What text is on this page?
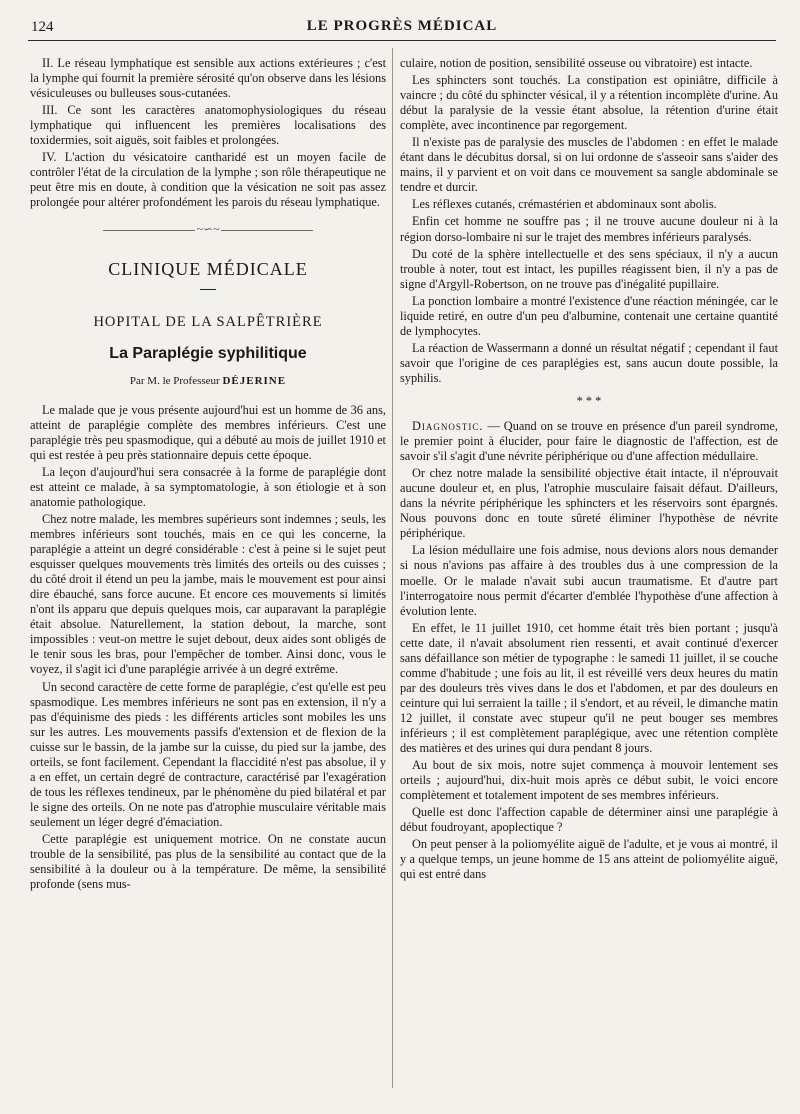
124	LE PROGRÈS MÉDICAL

II. Le réseau lymphatique est sensible aux actions extérieures ; c'est la lymphe qui fournit la première sérosité qu'on observe dans les lésions vésiculeuses ou bulleuses sous-cutanées.

III. Ce sont les caractères anatomophysiologiques du réseau lymphatique qui influencent les premières localisations des toxidermies, soit aiguës, soit faibles et prolongées.

IV. L'action du vésicatoire cantharidé est un moyen facile de contrôler l'état de la circulation de la lymphe ; son rôle thérapeutique ne peut être mis en doute, à condition que la vésication ne soit pas assez prolongée pour altérer profondément les parois du réseau lymphatique.

~∽~
CLINIQUE MÉDICALE
HOPITAL DE LA SALPÊTRIÈRE
La Paraplégie syphilitique
Par M. le Professeur DÉJERINE

Le malade que je vous présente aujourd'hui est un homme de 36 ans, atteint de paraplégie complète des membres inférieurs. C'est une paraplégie très peu spasmodique, qui a débuté au mois de juillet 1910 et qui est restée à peu près stationnaire depuis cette époque.

La leçon d'aujourd'hui sera consacrée à la forme de paraplégie dont est atteint ce malade, à sa symptomatologie, à son étiologie et à son anatomie pathologique.

Chez notre malade, les membres supérieurs sont indemnes ; seuls, les membres inférieurs sont touchés, mais en ce qui les concerne, la paraplégie a atteint un degré considérable : c'est à peine si le sujet peut esquisser quelques mouvements très limités des orteils ou des cuisses ; du côté droit il étend un peu la jambe, mais le mouvement est pour ainsi dire ébauché, sans force aucune. Et encore ces mouvements si limités n'ont ils apparu que depuis quelques mois, car auparavant la paraplégie était absolue. Naturellement, la station debout, la marche, sont impossibles : veut-on mettre le sujet debout, deux aides sont obligés de le tenir sous les bras, pour l'empêcher de tomber. Ainsi donc, vous le voyez, il s'agit ici d'une paraplégie arrivée à un degré extrême.

Un second caractère de cette forme de paraplégie, c'est qu'elle est peu spasmodique. Les membres inférieurs ne sont pas en extension, il n'y a pas d'équinisme des pieds : les différents articles sont mobiles les uns sur les autres. Les mouvements passifs d'extension et de flexion de la cuisse sur le bassin, de la jambe sur la cuisse, du pied sur la jambe, des orteils, se font facilement. Cependant la flaccidité n'est pas absolue, il y a en effet, un certain degré de contracture, caractérisé par l'exagération de tous les réflexes tendineux, par le phénomène du pied bilatéral et par le signe des orteils. On ne note pas d'atrophie musculaire véritable mais seulement un léger degré d'émaciation.

Cette paraplégie est uniquement motrice. On ne constate aucun trouble de la sensibilité, pas plus de la sensibilité au contact que de la sensibilité à la douleur ou à la température. De même, la sensibilité profonde (sens mus-

culaire, notion de position, sensibilité osseuse ou vibratoire) est intacte.

Les sphincters sont touchés. La constipation est opiniâtre, difficile à vaincre ; du côté du sphincter vésical, il y a rétention incomplète d'urine. Au début la paralysie de la vessie étant absolue, la rétention d'urine était complète, avec incontinence par regorgement.

Il n'existe pas de paralysie des muscles de l'abdomen : en effet le malade étant dans le décubitus dorsal, si on lui ordonne de s'asseoir sans s'aider des mains, il y parvient et on voit dans ce mouvement sa sangle abdominale se tendre et durcir.

Les réflexes cutanés, crémastérien et abdominaux sont abolis.

Enfin cet homme ne souffre pas ; il ne trouve aucune douleur ni à la région dorso-lombaire ni sur le trajet des membres inférieurs paralysés.

Du coté de la sphère intellectuelle et des sens spéciaux, il n'y a aucun trouble à noter, tout est intact, les pupilles réagissent bien, il n'y a pas de signe d'Argyll-Robertson, on ne trouve pas d'inégalité pupillaire.

La ponction lombaire a montré l'existence d'une réaction méningée, car le liquide retiré, en outre d'un peu d'albumine, contenait une certaine quantité de lymphocytes.

La réaction de Wassermann a donné un résultat négatif ; cependant il faut savoir que l'origine de ces paraplégies est, sans aucun doute possible, la syphilis.

* * *

Diagnostic. — Quand on se trouve en présence d'un pareil syndrome, le premier point à élucider, pour faire le diagnostic de l'affection, est de savoir s'il s'agit d'une névrite périphérique ou d'une affection médullaire.

Or chez notre malade la sensibilité objective était intacte, il n'éprouvait aucune douleur et, en plus, l'atrophie musculaire faisait défaut. D'ailleurs, dans la névrite périphérique les sphincters et les réservoirs sont épargnés. Nous pouvons donc en toute sûreté éliminer l'hypothèse de névrite périphérique.

La lésion médullaire une fois admise, nous devions alors nous demander si nous n'avions pas affaire à des troubles dus à une compression de la moelle. Or le malade n'avait subi aucun traumatisme. Et d'autre part l'interrogatoire nous permit d'écarter d'emblée l'hypothèse d'une affection à évolution lente.

En effet, le 11 juillet 1910, cet homme était très bien portant ; jusqu'à cette date, il n'avait absolument rien ressenti, et avait continué d'exercer sans défaillance son métier de typographe : le samedi 11 juillet, il se couche comme d'habitude ; une fois au lit, il est réveillé vers deux heures du matin par des douleurs très vives dans le dos et l'abdomen, et par des douleurs en ceinture qui lui serraient la taille ; il s'endort, et au réveil, le dimanche matin 12 juillet, il constate avec stupeur qu'il ne peut bouger ses membres inférieurs ; il est complètement paraplégique, avec une rétention complète des matières et des urines qui dura pendant 8 jours.

Au bout de six mois, notre sujet commença à mouvoir lentement ses orteils ; aujourd'hui, dix-huit mois après ce début subit, le voici encore complètement et totalement impotent de ses membres inférieurs.

Quelle est donc l'affection capable de déterminer ainsi une paraplégie à début foudroyant, apoplectique ?

On peut penser à la poliomyélite aiguë de l'adulte, et je vous ai montré, il y a quelque temps, un jeune homme de 15 ans atteint de poliomyélite aiguë, qui est entré dans
